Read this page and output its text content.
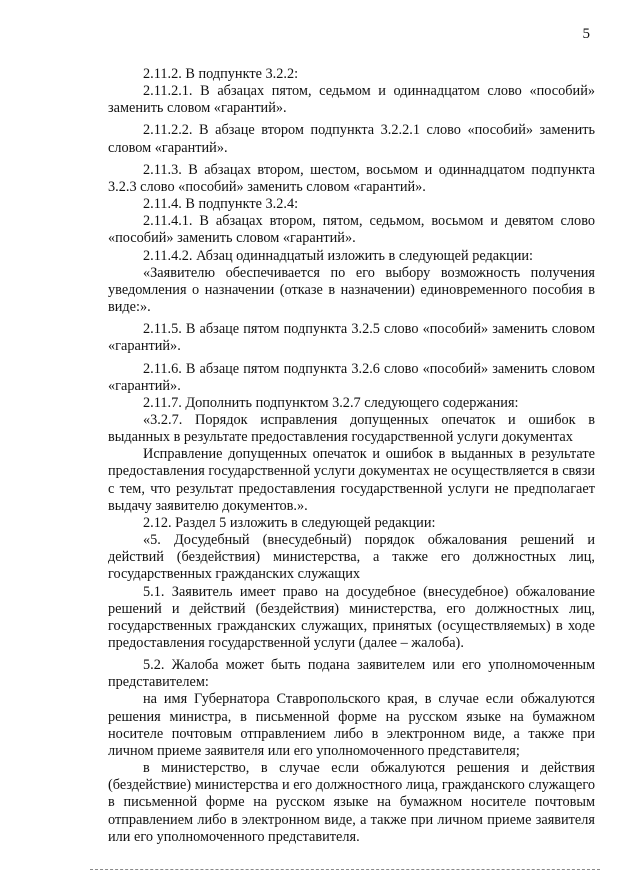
5

2.11.2. В подпункте 3.2.2:

2.11.2.1. В абзацах пятом, седьмом и одиннадцатом слово «пособий» заменить словом «гарантий».

2.11.2.2. В абзаце втором подпункта 3.2.2.1 слово «пособий» заменить словом «гарантий».

2.11.3. В абзацах втором, шестом, восьмом и одиннадцатом подпункта 3.2.3 слово «пособий» заменить словом «гарантий».

2.11.4. В подпункте 3.2.4:

2.11.4.1. В абзацах втором, пятом, седьмом, восьмом и девятом слово «пособий» заменить словом «гарантий».

2.11.4.2. Абзац одиннадцатый изложить в следующей редакции:

«Заявителю обеспечивается по его выбору возможность получения уведомления о назначении (отказе в назначении) единовременного пособия в виде:».

2.11.5. В абзаце пятом подпункта 3.2.5 слово «пособий» заменить словом «гарантий».

2.11.6. В абзаце пятом подпункта 3.2.6 слово «пособий» заменить словом «гарантий».

2.11.7. Дополнить подпунктом 3.2.7 следующего содержания:

«3.2.7. Порядок исправления допущенных опечаток и ошибок в выданных в результате предоставления государственной услуги документах

Исправление допущенных опечаток и ошибок в выданных в результате предоставления государственной услуги документах не осуществляется в связи с тем, что результат предоставления государственной услуги не предполагает выдачу заявителю документов.».

2.12. Раздел 5 изложить в следующей редакции:

«5. Досудебный (внесудебный) порядок обжалования решений и действий (бездействия) министерства, а также его должностных лиц, государственных гражданских служащих

5.1. Заявитель имеет право на досудебное (внесудебное) обжалование решений и действий (бездействия) министерства, его должностных лиц, государственных гражданских служащих, принятых (осуществляемых) в ходе предоставления государственной услуги (далее – жалоба).

5.2. Жалоба может быть подана заявителем или его уполномоченным представителем:

на имя Губернатора Ставропольского края, в случае если обжалуются решения министра, в письменной форме на русском языке на бумажном носителе почтовым отправлением либо в электронном виде, а также при личном приеме заявителя или его уполномоченного представителя;

в министерство, в случае если обжалуются решения и действия (бездействие) министерства и его должностного лица, гражданского служащего в письменной форме на русском языке на бумажном носителе почтовым отправлением либо в электронном виде, а также при личном приеме заявителя или его уполномоченного представителя.
